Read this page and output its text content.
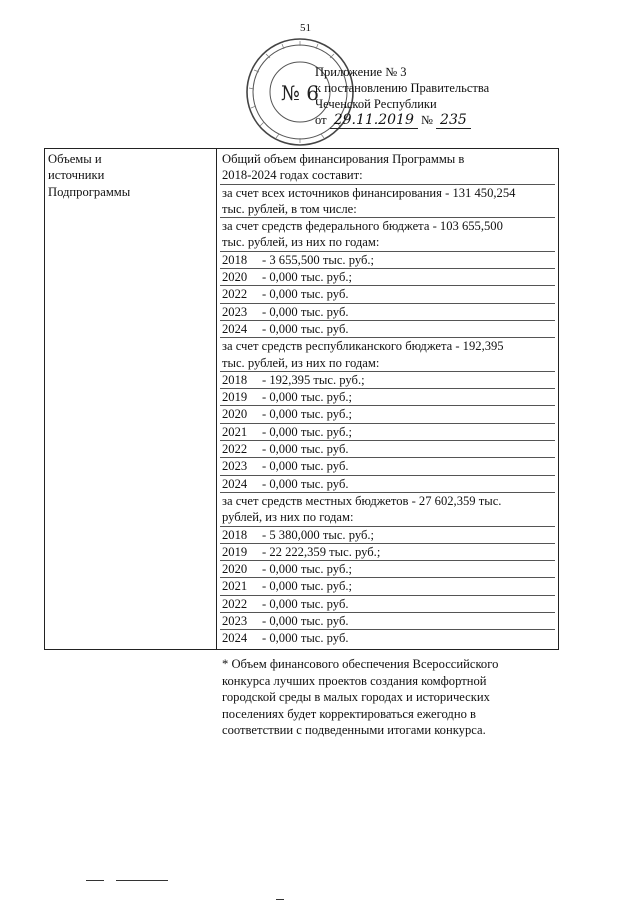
51
№ 6
Приложение № 3
к постановлению Правительства
Чеченской Республики
от 29.11.2019 № 235
Объемы и
источники
Подпрограммы

Общий объем финансирования Программы в
2018-2024 годах составит:
за счет всех источников финансирования - 131 450,254
тыс. рублей, в том числе:
за счет средств федерального бюджета - 103 655,500
тыс. рублей, из них по годам:
2018 - 3 655,500 тыс. руб.;
2020 - 0,000 тыс. руб.;
2022 - 0,000 тыс. руб.
2023 - 0,000 тыс. руб.
2024 - 0,000 тыс. руб.
за счет средств республиканского бюджета - 192,395
тыс. рублей, из них по годам:
2018 - 192,395 тыс. руб.;
2019 - 0,000 тыс. руб.;
2020 - 0,000 тыс. руб.;
2021 - 0,000 тыс. руб.;
2022 - 0,000 тыс. руб.
2023 - 0,000 тыс. руб.
2024 - 0,000 тыс. руб.
за счет средств местных бюджетов - 27 602,359 тыс.
рублей, из них по годам:
2018 - 5 380,000 тыс. руб.;
2019 - 22 222,359 тыс. руб.;
2020 - 0,000 тыс. руб.;
2021 - 0,000 тыс. руб.;
2022 - 0,000 тыс. руб.
2023 - 0,000 тыс. руб.
2024 - 0,000 тыс. руб.
* Объем финансового обеспечения Всероссийского
конкурса лучших проектов создания комфортной
городской среды в малых городах и исторических
поселениях будет корректироваться ежегодно в
соответствии с подведенными итогами конкурса.
